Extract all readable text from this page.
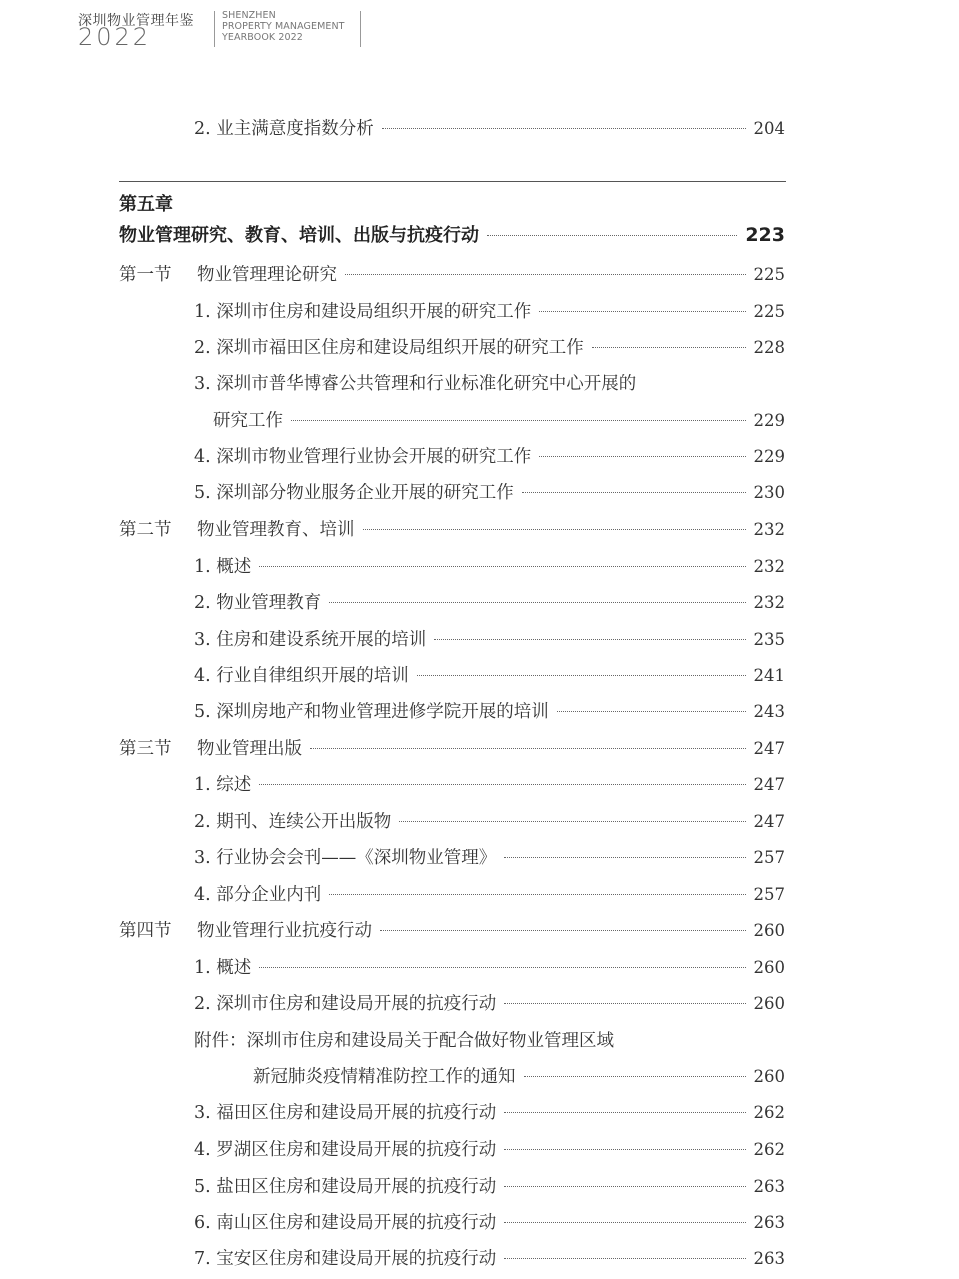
深圳物业管理年鉴
2022
SHENZHEN
PROPERTY MANAGEMENT
YEARBOOK 2022
2. 业主满意度指数分析	204
第五章
物业管理研究、教育、培训、出版与抗疫行动	223
第一节 物业管理理论研究	225
1. 深圳市住房和建设局组织开展的研究工作	225
2. 深圳市福田区住房和建设局组织开展的研究工作	228
3. 深圳市普华博睿公共管理和行业标准化研究中心开展的
研究工作	229
4. 深圳市物业管理行业协会开展的研究工作	229
5. 深圳部分物业服务企业开展的研究工作	230
第二节 物业管理教育、培训	232
1. 概述	232
2. 物业管理教育	232
3. 住房和建设系统开展的培训	235
4. 行业自律组织开展的培训	241
5. 深圳房地产和物业管理进修学院开展的培训	243
第三节 物业管理出版	247
1. 综述	247
2. 期刊、连续公开出版物	247
3. 行业协会会刊——《深圳物业管理》	257
4. 部分企业内刊	257
第四节 物业管理行业抗疫行动	260
1. 概述	260
2. 深圳市住房和建设局开展的抗疫行动	260
附件：深圳市住房和建设局关于配合做好物业管理区域
新冠肺炎疫情精准防控工作的通知	260
3. 福田区住房和建设局开展的抗疫行动	262
4. 罗湖区住房和建设局开展的抗疫行动	262
5. 盐田区住房和建设局开展的抗疫行动	263
6. 南山区住房和建设局开展的抗疫行动	263
7. 宝安区住房和建设局开展的抗疫行动	263
